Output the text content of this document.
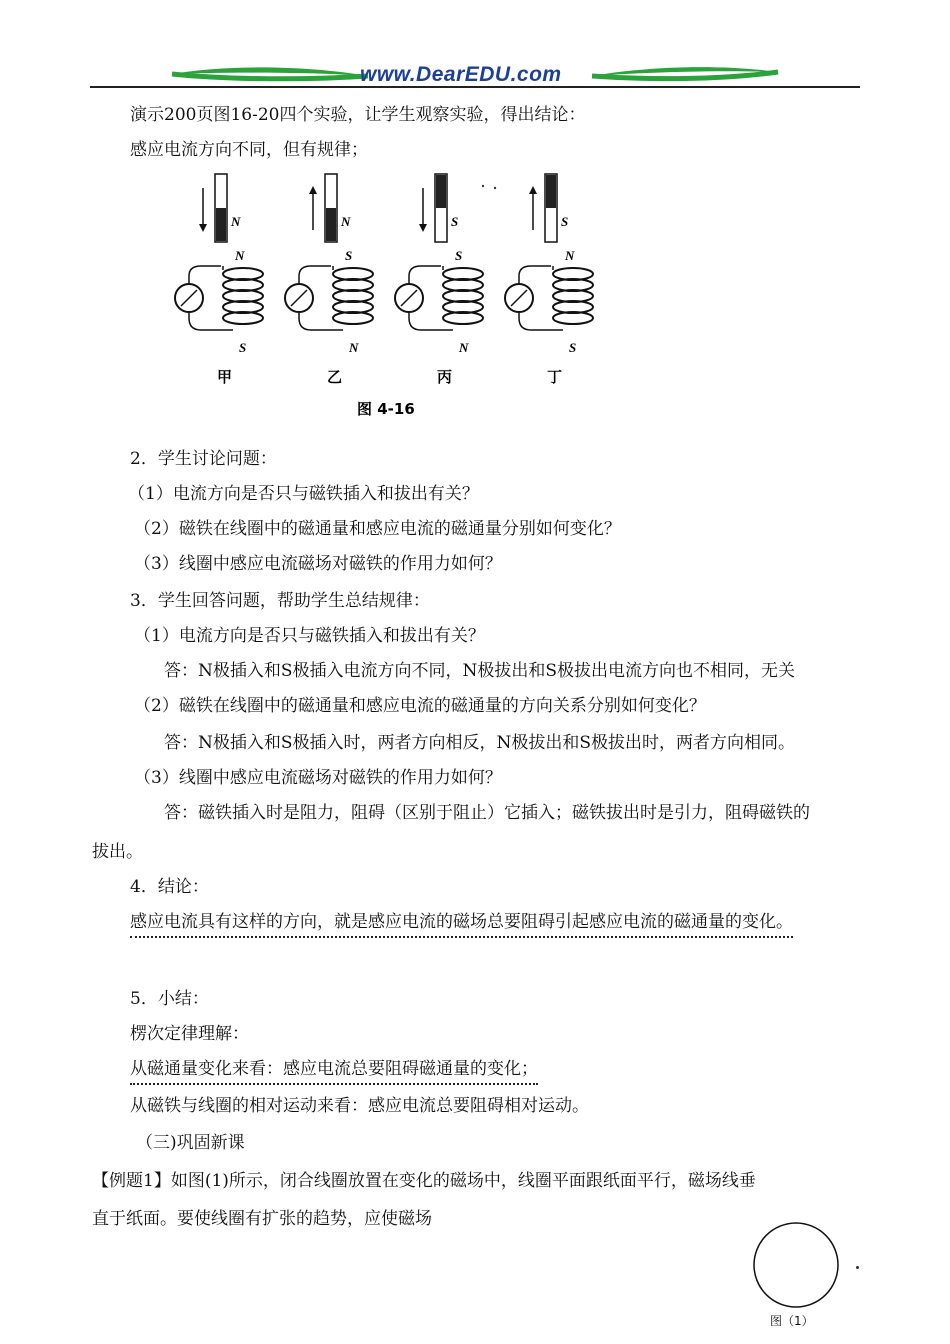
www.DearEDU.com
演示200页图16-20四个实验，让学生观察实验，得出结论：
感应电流方向不同，但有规律；
N
N
S
甲
N
S
N
乙
S
S
N
丙
S
N
S
丁
图 4-16
2．学生讨论问题：
（1）电流方向是否只与磁铁插入和拔出有关？
（2）磁铁在线圈中的磁通量和感应电流的磁通量分别如何变化？
（3）线圈中感应电流磁场对磁铁的作用力如何？
3．学生回答问题，帮助学生总结规律：
（1）电流方向是否只与磁铁插入和拔出有关？
答：N极插入和S极插入电流方向不同，N极拔出和S极拔出电流方向也不相同，无关
（2）磁铁在线圈中的磁通量和感应电流的磁通量的方向关系分别如何变化？
答：N极插入和S极插入时，两者方向相反，N极拔出和S极拔出时，两者方向相同。
（3）线圈中感应电流磁场对磁铁的作用力如何？
答：磁铁插入时是阻力，阻碍（区别于阻止）它插入；磁铁拔出时是引力，阻碍磁铁的
拔出。
4．结论：
感应电流具有这样的方向，就是感应电流的磁场总要阻碍引起感应电流的磁通量的变化。
5．小结：
楞次定律理解：
从磁通量变化来看：感应电流总要阻碍磁通量的变化；
从磁铁与线圈的相对运动来看：感应电流总要阻碍相对运动。
（三)巩固新课
【例题1】如图(1)所示，闭合线圈放置在变化的磁场中，线圈平面跟纸面平行，磁场线垂
直于纸面。要使线圈有扩张的趋势，应使磁场
图（1）
